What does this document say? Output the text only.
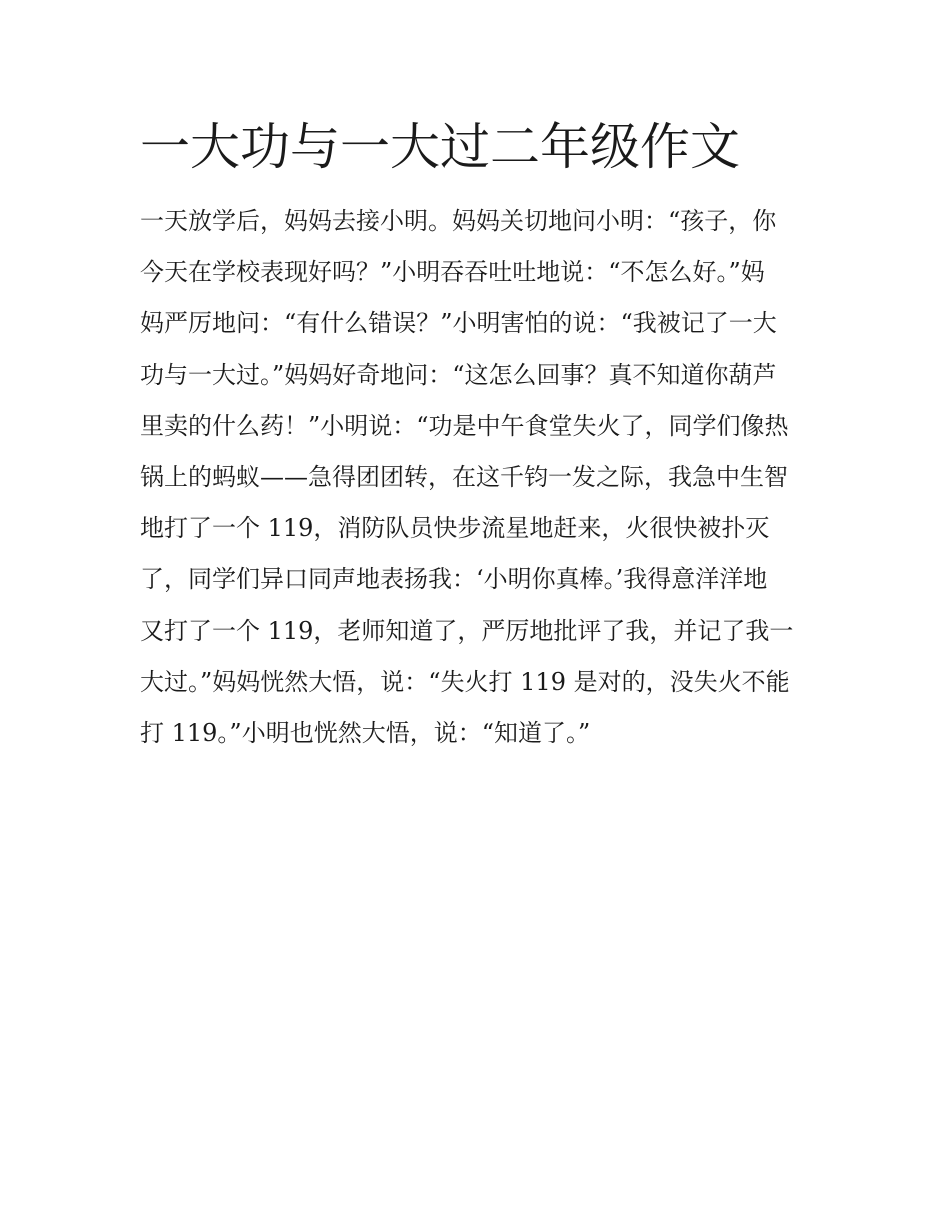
一大功与一大过二年级作文
一天放学后，妈妈去接小明。妈妈关切地问小明：“孩子，你
今天在学校表现好吗？”小明吞吞吐吐地说：“不怎么好。”妈
妈严厉地问：“有什么错误？”小明害怕的说：“我被记了一大
功与一大过。”妈妈好奇地问：“这怎么回事？真不知道你葫芦
里卖的什么药！”小明说：“功是中午食堂失火了，同学们像热
锅上的蚂蚁——急得团团转，在这千钧一发之际，我急中生智
地打了一个 119，消防队员快步流星地赶来，火很快被扑灭
了，同学们异口同声地表扬我：‘小明你真棒。’我得意洋洋地
又打了一个 119，老师知道了，严厉地批评了我，并记了我一
大过。”妈妈恍然大悟，说：“失火打 119 是对的，没失火不能
打 119。”小明也恍然大悟，说：“知道了。”
